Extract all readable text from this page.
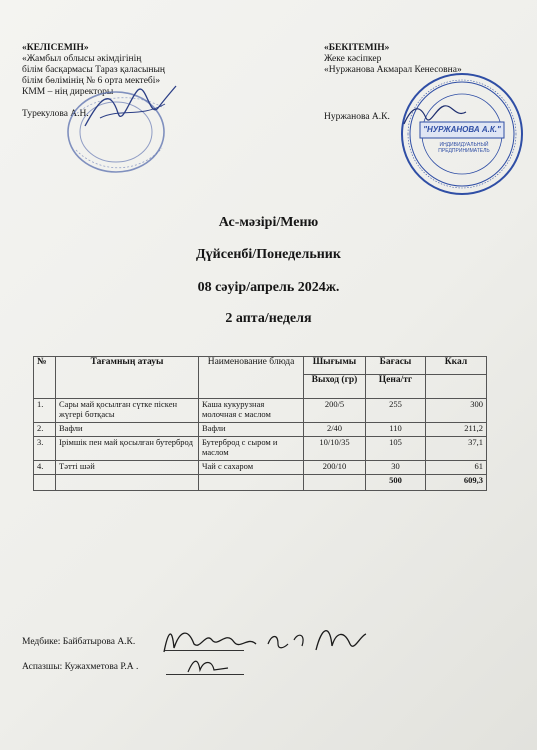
«КЕЛІСЕМІН»
«Жамбыл облысы әкімдігінің
білім басқармасы Тараз қаласының
білім бөлімінің № 6 орта мектебі»
КММ – нің директоры
Турекулова А.Н.
«БЕКІТЕМІН»
Жеке кәсіпкер
«Нуржанова Акмарал Кенесовна»
Нуржанова А.К.
"НУРЖАНОВА А.К."
ИНДИВИДУАЛЬНЫЙ ПРЕДПРИНИМАТЕЛЬ
Ас-мәзірі/Меню
Дүйсенбі/Понедельник
08 сәуір/апрель 2024ж.
2 апта/неделя
№	Тағамның атауы	Наименование блюда	Шығымы	Бағасы	Ккал
			Выход (гр)	Цена/тг	
1.	Сары май қосылған сүтке піскен жүгері ботқасы	Каша кукурузная молочная с маслом	200/5	255	300
2.	Вафли	Вафли	2/40	110	211,2
3.	Ірімшік пен май қосылған бутерброд	Бутерброд с сыром и маслом	10/10/35	105	37,1
4.	Тәтті шәй	Чай с сахаром	200/10	30	61
				500	609,3
Медбике: Байбатырова А.К.
Аспазшы: Кужахметова Р.А .
